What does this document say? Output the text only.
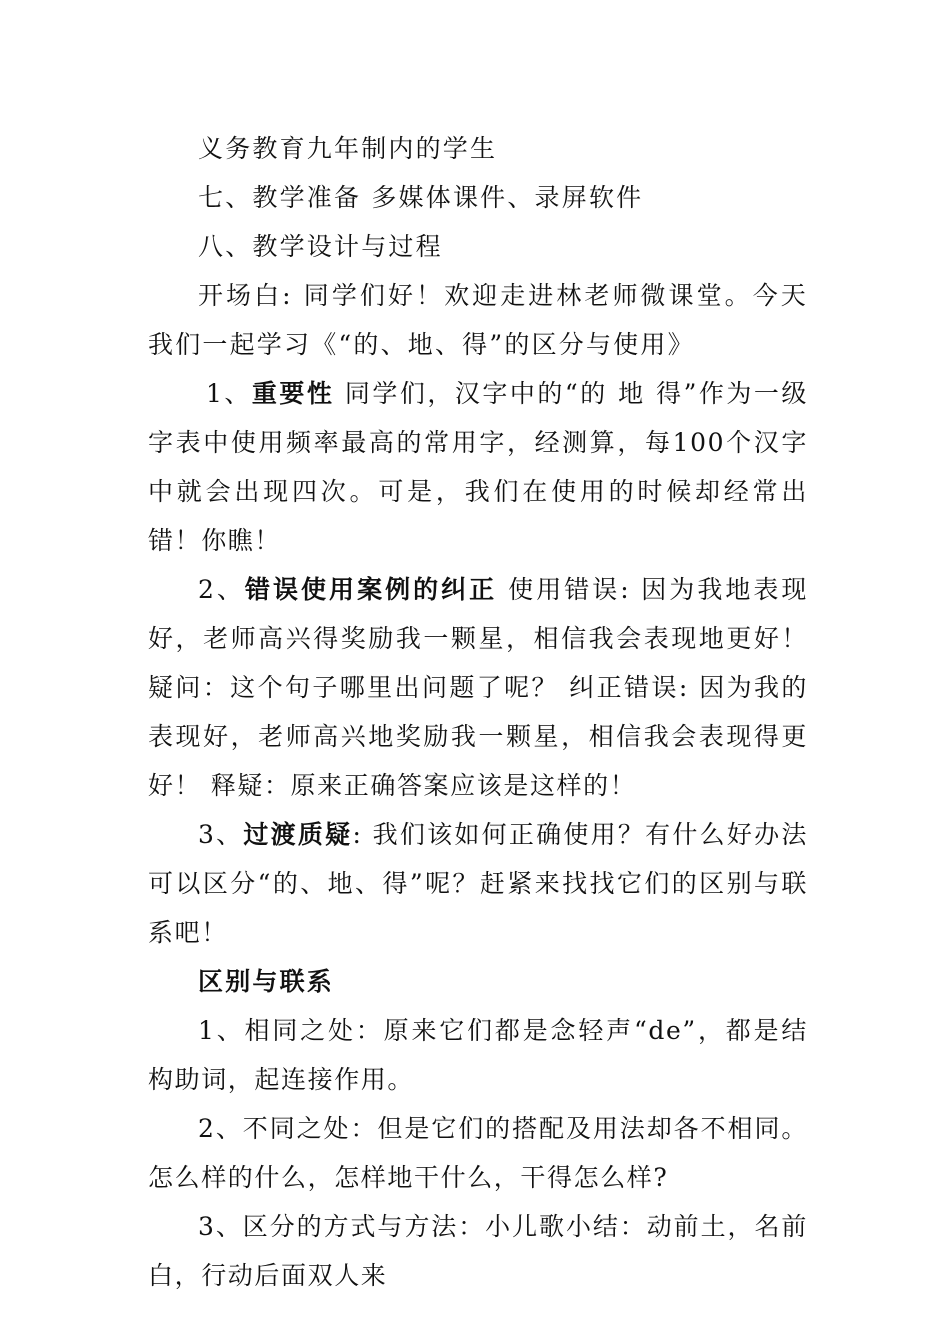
义务教育九年制内的学生

七、教学准备 多媒体课件、录屏软件

八、教学设计与过程

开场白: 同学们好！欢迎走进林老师微课堂。今天我们一起学习《“的、地、得”的区分与使用》

1、重要性 同学们，汉字中的“的 地 得”作为一级字表中使用频率最高的常用字，经测算，每100个汉字中就会出现四次。可是，我们在使用的时候却经常出错！你瞧！

2、错误使用案例的纠正 使用错误: 因为我地表现好，老师高兴得奖励我一颗星，相信我会表现地更好！ 疑问：这个句子哪里出问题了呢？ 纠正错误: 因为我的表现好，老师高兴地奖励我一颗星，相信我会表现得更好！ 释疑：原来正确答案应该是这样的！

3、过渡质疑: 我们该如何正确使用？有什么好办法可以区分“的、地、得”呢？赶紧来找找它们的区别与联系吧！

区别与联系

1、相同之处：原来它们都是念轻声“de”，都是结构助词，起连接作用。

2、不同之处：但是它们的搭配及用法却各不相同。怎么样的什么，怎样地干什么，干得怎么样?

3、区分的方式与方法：小儿歌小结：动前土，名前白，行动后面双人来
